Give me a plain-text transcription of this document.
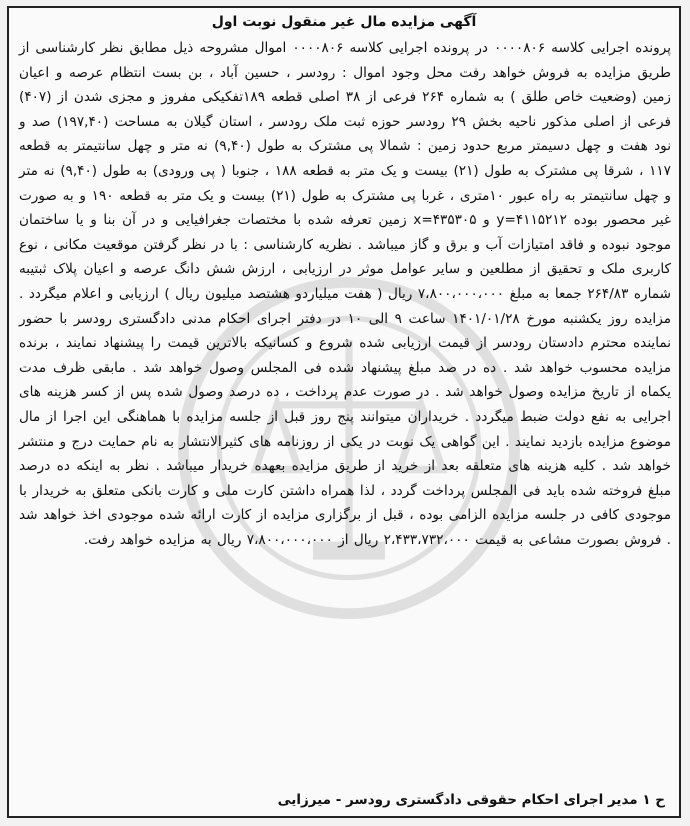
آگهی مزایده مال غیر منقول نوبت اول
پرونده اجرایی کلاسه ۰۰۰۰۸۰۶ در پرونده اجرایی کلاسه ۰۰۰۰۸۰۶ اموال مشروحه ذیل مطابق نظر کارشناسی از طریق مزایده به فروش خواهد رفت محل وجود اموال : رودسر ، حسین آباد ، بن بست انتظام عرصه و اعیان زمین (وضعیت خاص طلق ) به شماره ۲۶۴ فرعی از ۳۸ اصلی قطعه ۱۸۹تفکیکی مفروز و مجزی شدن از (۴۰۷) فرعی از اصلی مذکور ناحیه بخش ۲۹ رودسر حوزه ثبت ملک رودسر ، استان گیلان به مساحت (۱۹۷,۴۰) صد و نود هفت و چهل دسیمتر مربع حدود زمین : شمالا پی مشترک به طول (۹,۴۰) نه متر و چهل سانتیمتر به قطعه ۱۱۷ ، شرقا پی مشترک به طول (۲۱) بیست و یک متر به قطعه ۱۸۸ ، جنوبا ( پی ورودی) به طول (۹,۴۰) نه متر و چهل سانتیمتر به راه عبور ۱۰متری ، غربا پی مشترک به طول (۲۱) بیست و یک متر به قطعه ۱۹۰ و به صورت غیر محصور بوده y=۴۱۱۵۲۱۲ و x=۴۳۵۳۰۵ زمین تعرفه شده با مختصات جغرافیایی و در آن بنا و یا ساختمان موجود نبوده و فاقد امتیازات آب و برق و گاز میباشد . نظریه کارشناسی : با در نظر گرفتن موقعیت مکانی ، نوع کاربری ملک و تحقیق از مطلعین و سایر عوامل موثر در ارزیابی ، ارزش شش دانگ عرصه و اعیان پلاک ثبتیبه شماره ۲۶۴/۸۳ جمعا به مبلغ ۷،۸۰۰،۰۰۰،۰۰۰ ریال ( هفت میلیاردو هشتصد میلیون ریال ) ارزیابی و اعلام میگردد . مزایده روز یکشنبه مورخ ۱۴۰۱/۰۱/۲۸ ساعت ۹ الی ۱۰ در دفتر اجرای احکام مدنی دادگستری رودسر با حضور نماینده محترم دادستان رودسر از قیمت ارزیابی شده شروع و کسانیکه بالاترین قیمت را پیشنهاد نمایند ، برنده مزایده محسوب خواهد شد . ده در صد مبلغ پیشنهاد شده فی المجلس وصول خواهد شد . مابقی ظرف مدت یکماه از تاریخ مزایده وصول خواهد شد . در صورت عدم پرداخت ، ده درصد وصول شده پس از کسر هزینه های اجرایی به نفع دولت ضبط میگردد . خریداران میتوانند پنج روز قبل از جلسه مزایده با هماهنگی این اجرا از مال موضوع مزایده بازدید نمایند . این گواهی یک نوبت در یکی از روزنامه های کثیرالانتشار به نام حمایت درج و منتشر خواهد شد . کلیه هزینه های متعلقه بعد از خرید از طریق مزایده بعهده خریدار میباشد . نظر به اینکه ده درصد مبلغ فروخته شده باید فی المجلس پرداخت گردد ، لذا همراه داشتن کارت ملی و کارت بانکی متعلق به خریدار با موجودی کافی در جلسه مزایده الزامی بوده ، قبل از برگزاری مزایده از کارت ارائه شده موجودی اخذ خواهد شد . فروش بصورت مشاعی به قیمت ۲،۴۳۳،۷۳۲،۰۰۰ ریال از ۷،۸۰۰،۰۰۰،۰۰۰ ریال به مزایده خواهد رفت.
ح ۱ مدیر اجرای احکام حقوقی دادگستری رودسر - میرزایی
